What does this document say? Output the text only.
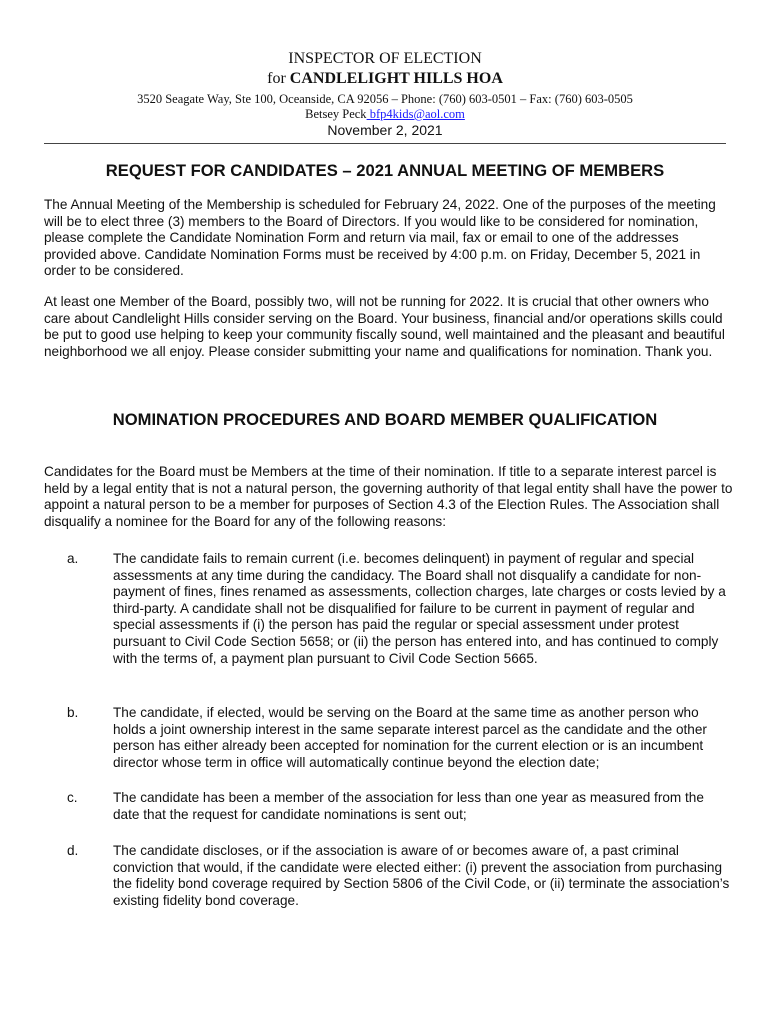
INSPECTOR OF ELECTION
for CANDLELIGHT HILLS HOA
3520 Seagate Way, Ste 100, Oceanside, CA 92056 – Phone: (760) 603-0501 – Fax: (760) 603-0505
Betsey Peck bfp4kids@aol.com
November 2, 2021
REQUEST FOR CANDIDATES – 2021 ANNUAL MEETING OF MEMBERS

The Annual Meeting of the Membership is scheduled for February 24, 2022. One of the purposes of the meeting will be to elect three (3) members to the Board of Directors. If you would like to be considered for nomination, please complete the Candidate Nomination Form and return via mail, fax or email to one of the addresses provided above. Candidate Nomination Forms must be received by 4:00 p.m. on Friday, December 5, 2021 in order to be considered.

At least one Member of the Board, possibly two, will not be running for 2022. It is crucial that other owners who care about Candlelight Hills consider serving on the Board. Your business, financial and/or operations skills could be put to good use helping to keep your community fiscally sound, well maintained and the pleasant and beautiful neighborhood we all enjoy. Please consider submitting your name and qualifications for nomination. Thank you.

NOMINATION PROCEDURES AND BOARD MEMBER QUALIFICATION

Candidates for the Board must be Members at the time of their nomination. If title to a separate interest parcel is held by a legal entity that is not a natural person, the governing authority of that legal entity shall have the power to appoint a natural person to be a member for purposes of Section 4.3 of the Election Rules. The Association shall disqualify a nominee for the Board for any of the following reasons:

a.	The candidate fails to remain current (i.e. becomes delinquent) in payment of regular and special assessments at any time during the candidacy. The Board shall not disqualify a candidate for non-payment of fines, fines renamed as assessments, collection charges, late charges or costs levied by a third-party. A candidate shall not be disqualified for failure to be current in payment of regular and special assessments if (i) the person has paid the regular or special assessment under protest pursuant to Civil Code Section 5658; or (ii) the person has entered into, and has continued to comply with the terms of, a payment plan pursuant to Civil Code Section 5665.

b.	The candidate, if elected, would be serving on the Board at the same time as another person who holds a joint ownership interest in the same separate interest parcel as the candidate and the other person has either already been accepted for nomination for the current election or is an incumbent director whose term in office will automatically continue beyond the election date;

c.	The candidate has been a member of the association for less than one year as measured from the date that the request for candidate nominations is sent out;

d.	The candidate discloses, or if the association is aware of or becomes aware of, a past criminal conviction that would, if the candidate were elected either: (i) prevent the association from purchasing the fidelity bond coverage required by Section 5806 of the Civil Code, or (ii) terminate the association’s existing fidelity bond coverage.
